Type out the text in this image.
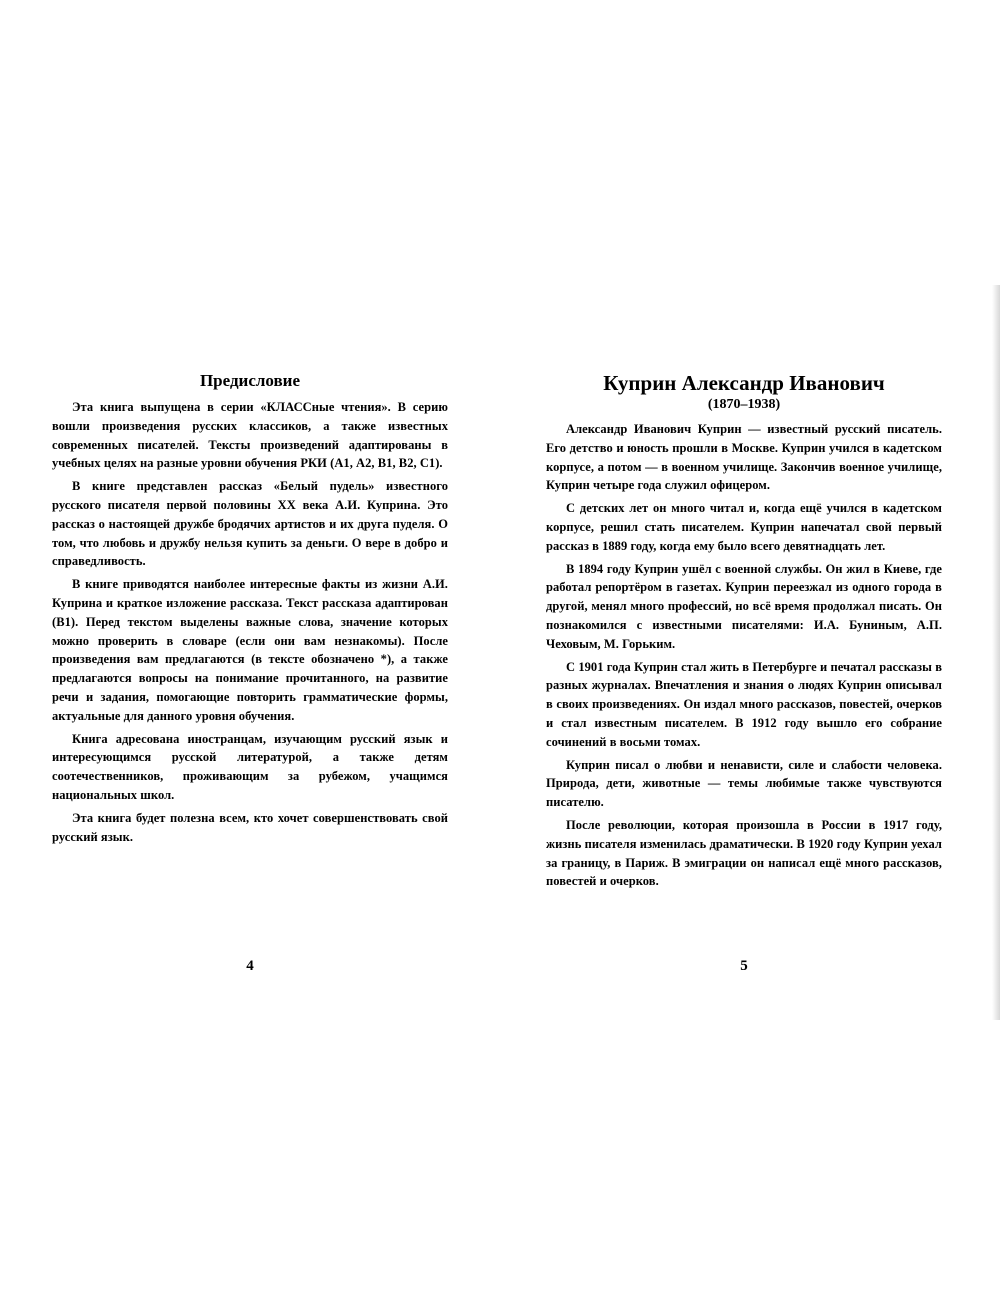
Предисловие

Эта книга выпущена в серии «КЛАССные чтения». В серию вошли произведения русских классиков, а также известных современных писателей. Тексты произведений адаптированы в учебных целях на разные уровни обучения РКИ (А1, А2, В1, В2, С1).

В книге представлен рассказ «Белый пудель» известного русского писателя первой половины XX века А.И. Куприна. Это рассказ о настоящей дружбе бродячих артистов и их друга пуделя. О том, что любовь и дружбу нельзя купить за деньги. О вере в добро и справедливость.

В книге приводятся наиболее интересные факты из жизни А.И. Куприна и краткое изложение рассказа. Текст рассказа адаптирован (В1). Перед текстом выделены важные слова, значение которых можно проверить в словаре (если они вам незнакомы). После произведения вам предлагаются (в тексте обозначено *), а также предлагаются вопросы на понимание прочитанного, на развитие речи и задания, помогающие повторить грамматические формы, актуальные для данного уровня обучения.

Книга адресована иностранцам, изучающим русский язык и интересующимся русской литературой, а также детям соотечественников, проживающим за рубежом, учащимся национальных школ.

Эта книга будет полезна всем, кто хочет совершенствовать свой русский язык.

Куприн Александр Иванович

(1870–1938)

Александр Иванович Куприн — известный русский писатель. Его детство и юность прошли в Москве. Куприн учился в кадетском корпусе, а потом — в военном училище. Закончив военное училище, Куприн четыре года служил офицером.

С детских лет он много читал и, когда ещё учился в кадетском корпусе, решил стать писателем. Куприн напечатал свой первый рассказ в 1889 году, когда ему было всего девятнадцать лет.

В 1894 году Куприн ушёл с военной службы. Он жил в Киеве, где работал репортёром в газетах. Куприн переезжал из одного города в другой, менял много профессий, но всё время продолжал писать. Он познакомился с известными писателями: И.А. Буниным, А.П. Чеховым, М. Горьким.

С 1901 года Куприн стал жить в Петербурге и печатал рассказы в разных журналах. Впечатления и знания о людях Куприн описывал в своих произведениях. Он издал много рассказов, повестей, очерков и стал известным писателем. В 1912 году вышло его собрание сочинений в восьми томах.

Куприн писал о любви и ненависти, силе и слабости человека. Природа, дети, животные — темы любимые также чувствуются писателю.

После революции, которая произошла в России в 1917 году, жизнь писателя изменилась драматически. В 1920 году Куприн уехал за границу, в Париж. В эмиграции он написал ещё много рассказов, повестей и очерков.

4	5
